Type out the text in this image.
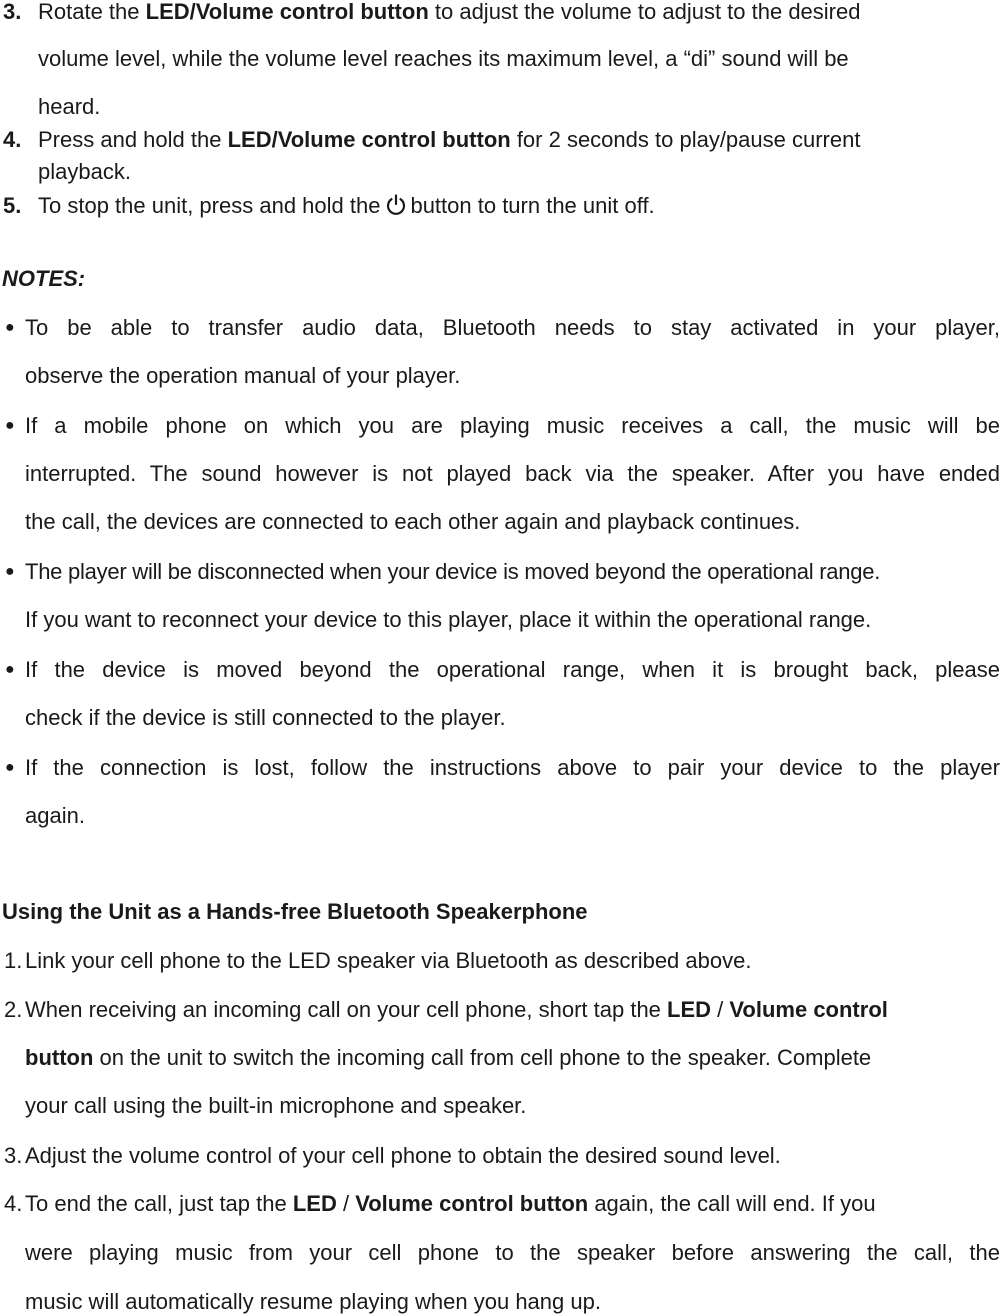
3. Rotate the LED/Volume control button to adjust the volume to adjust to the desired
volume level, while the volume level reaches its maximum level, a “di” sound will be
heard.
4. Press and hold the LED/Volume control button for 2 seconds to play/pause current
playback.
5. To stop the unit, press and hold the button to turn the unit off.
NOTES:
● To be able to transfer audio data, Bluetooth needs to stay activated in your player,
observe the operation manual of your player.
● If a mobile phone on which you are playing music receives a call, the music will be
interrupted. The sound however is not played back via the speaker. After you have ended
the call, the devices are connected to each other again and playback continues.
● The player will be disconnected when your device is moved beyond the operational range.
If you want to reconnect your device to this player, place it within the operational range.
● If the device is moved beyond the operational range, when it is brought back, please
check if the device is still connected to the player.
● If the connection is lost, follow the instructions above to pair your device to the player
again.
Using the Unit as a Hands-free Bluetooth Speakerphone
1. Link your cell phone to the LED speaker via Bluetooth as described above.
2. When receiving an incoming call on your cell phone, short tap the LED / Volume control
button on the unit to switch the incoming call from cell phone to the speaker. Complete
your call using the built-in microphone and speaker.
3. Adjust the volume control of your cell phone to obtain the desired sound level.
4. To end the call, just tap the LED / Volume control button again, the call will end. If you
were playing music from your cell phone to the speaker before answering the call, the
music will automatically resume playing when you hang up.
